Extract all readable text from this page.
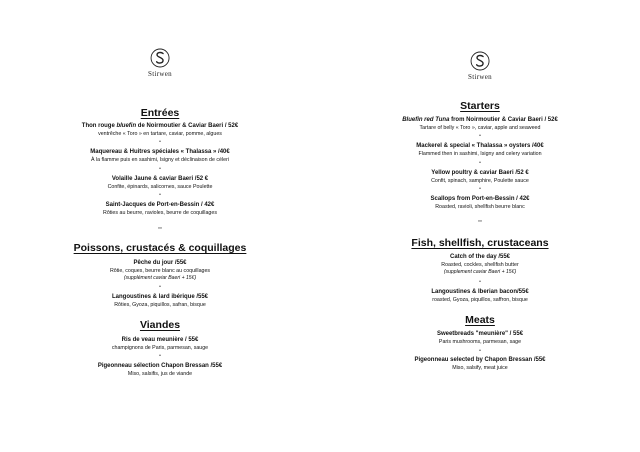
Stirwen
Entrées
Thon rouge bluefin de Noirmoutier & Caviar Baeri / 52€
ventrêche « Toro » en tartare, caviar, pomme, algues
•
Maquereau & Huitres spéciales « Thalassa » /40€
À la flamme puis en sashimi, Isigny et déclinaison de céleri
•
Volaille Jaune & caviar Baeri /52 €
Confite, épinards, salicornes, sauce Poulette
•
Saint-Jacques de Port-en-Bessin / 42€
Rôties au beurre, ravioles, beurre de coquillages
**
Poissons, crustacés & coquillages
Pêche du jour /55€
Rôtie, coques, beurre blanc au coquillages
(supplément caviar Baeri + 15€)
•
Langoustines & lard ibérique /55€
Rôties, Gyoza, piquillos, safran, bisque
Viandes
Ris de veau meunière / 55€
champignons de Paris, parmesan, sauge
•
Pigeonneau sélection Chapon Bressan /55€
Miso, salsifis, jus de viande
Stirwen
Starters
Bluefin red Tuna from Noirmoutier & Caviar Baeri / 52€
Tartare of belly « Toro », caviar, apple and seaweed
•
Mackerel & special « Thalassa » oysters /40€
Flammed then in sashimi, Isigny and celery variation
•
Yellow poultry & caviar Baeri /52 €
Confit, spinach, samphire, Poulette sauce
•
Scallops from Port-en-Bessin / 42€
Roasted, ravioli, shellfish beurre blanc
**
Fish, shellfish, crustaceans
Catch of the day /55€
Roasted, cockles, shellfish butter
(supplement caviar Baeri + 15€)
•
Langoustines & Iberian bacon/55€
roasted, Gyoza, piquillos, saffron, bisque
Meats
Sweetbreads "meunière" / 55€
Paris mushrooms, parmesan, sage
•
Pigeonneau selected by Chapon Bressan /55€
Miso, salsify, meat juice
